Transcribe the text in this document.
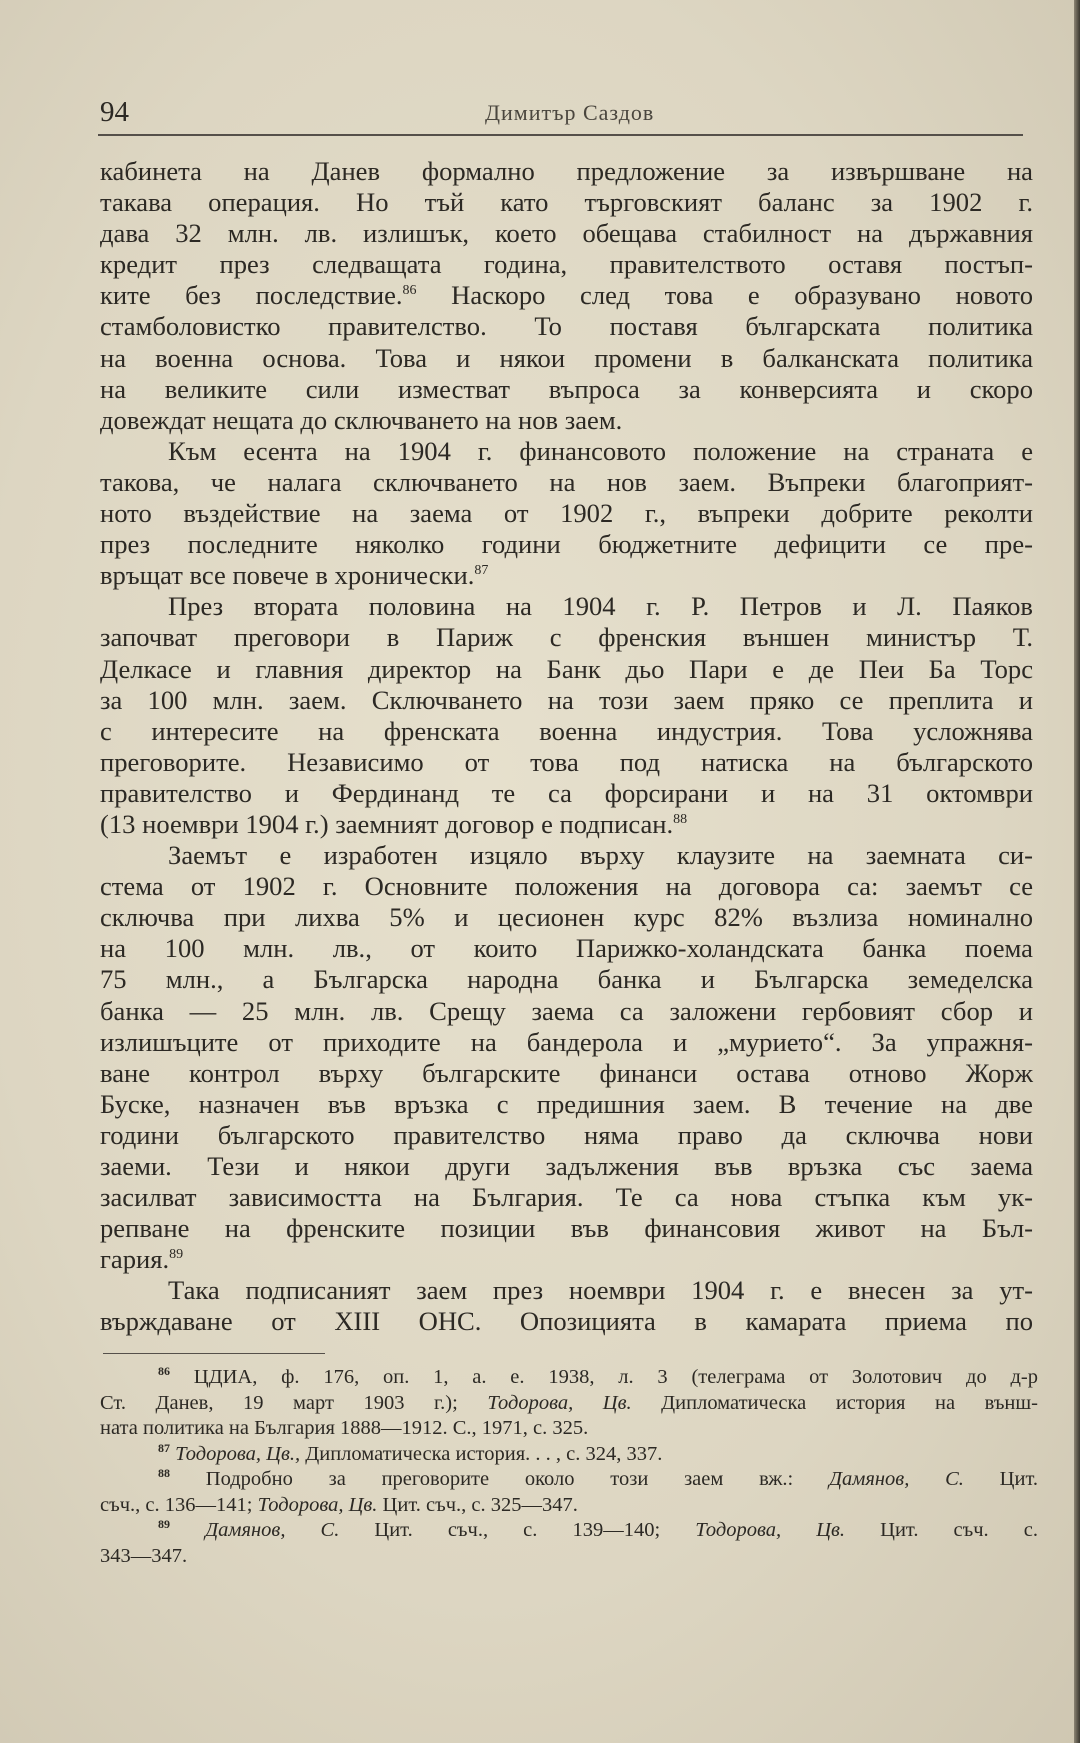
94	Димитър Саздов
кабинета на Данев формално предложение за извършване на
такава операция. Но тъй като търговският баланс за 1902 г.
дава 32 млн. лв. излишък, което обещава стабилност на държавния
кредит през следващата година, правителството оставя постъп-
ките без последствие.$^{86}$ Наскоро след това е образувано новото
стамболовистко правителство. То поставя българската политика
на военна основа. Това и някои промени в балканската политика
на великите сили изместват въпроса за конверсията и скоро
довеждат нещата до сключването на нов заем.
Към есента на 1904 г. финансовото положение на страната е
такова, че налага сключването на нов заем. Въпреки благоприят-
ното въздействие на заема от 1902 г., въпреки добрите реколти
през последните няколко години бюджетните дефицити се пре-
връщат все повече в хронически.$^{87}$
През втората половина на 1904 г. Р. Петров и Л. Паяков
започват преговори в Париж с френския външен министър Т.
Делкасе и главния директор на Банк дьо Пари е де Пеи Ба Торс
за 100 млн. заем. Сключването на този заем пряко се преплита и
с интересите на френската военна индустрия. Това усложнява
преговорите. Независимо от това под натиска на българското
правителство и Фердинанд те са форсирани и на 31 октомври
(13 ноември 1904 г.) заемният договор е подписан.$^{88}$
Заемът е изработен изцяло върху клаузите на заемната си-
стема от 1902 г. Основните положения на договора са: заемът се
сключва при лихва 5% и цесионен курс 82% възлиза номинално
на 100 млн. лв., от които Парижко-холандската банка поема
75 млн., а Българска народна банка и Българска земеделска
банка — 25 млн. лв. Срещу заема са заложени гербовият сбор и
излишъците от приходите на бандерола и „мурието“. За упражня-
ване контрол върху българските финанси остава отново Жорж
Буске, назначен във връзка с предишния заем. В течение на две
години българското правителство няма право да сключва нови
заеми. Тези и някои други задължения във връзка със заема
засилват зависимостта на България. Те са нова стъпка към ук-
репване на френските позиции във финансовия живот на Бъл-
гария.$^{89}$
Така подписаният заем през ноември 1904 г. е внесен за ут-
върждаване от XIII ОНС. Опозицията в камарата приема по
$^{86}$ ЦДИА, ф. 176, оп. 1, а. е. 1938, л. 3 (телеграма от Золотович до д-р
Ст. Данев, 19 март 1903 г.); Тодорова, Цв. Дипломатическа история на външ-
ната политика на България 1888—1912. С., 1971, с. 325.
$^{87}$ Тодорова, Цв., Дипломатическа история. . . , с. 324, 337.
$^{88}$ Подробно за преговорите около този заем вж.: Дамянов, С. Цит.
съч., с. 136—141; Тодорова, Цв. Цит. съч., с. 325—347.
$^{89}$ Дамянов, С. Цит. съч., с. 139—140; Тодорова, Цв. Цит. съч. с.
343—347.
